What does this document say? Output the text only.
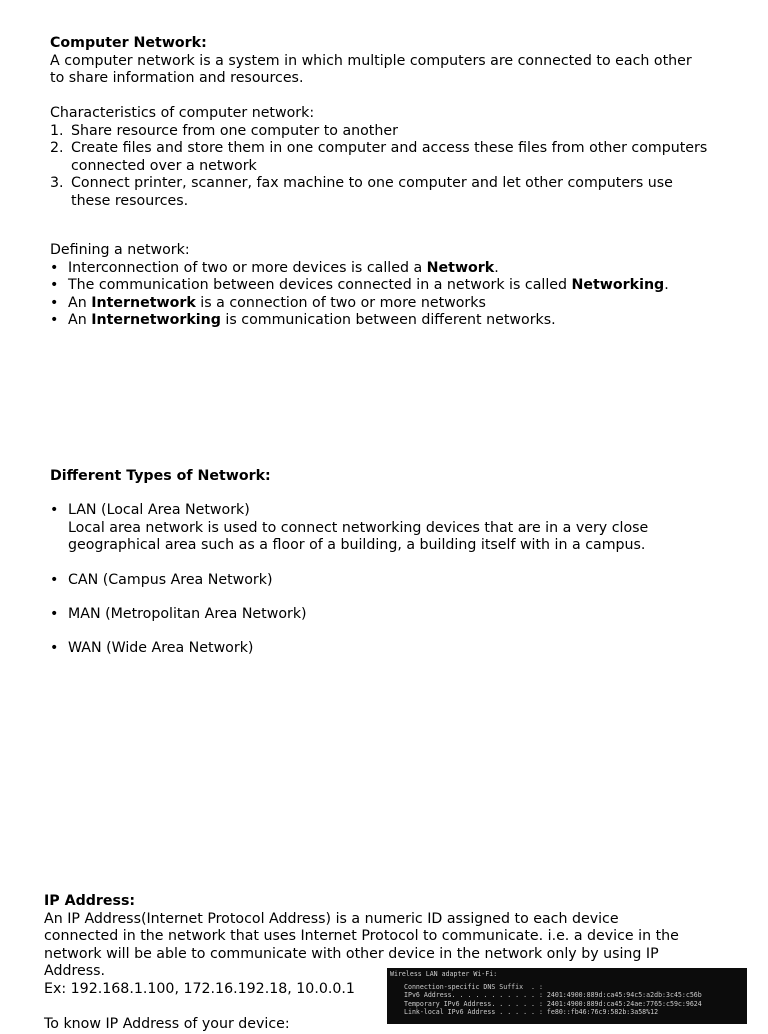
Computer Network:
A computer network is a system in which multiple computers are connected to each other
to share information and resources.
Characteristics of computer network:
1. Share resource from one computer to another
2. Create files and store them in one computer and access these files from other computers
connected over a network
3. Connect printer, scanner, fax machine to one computer and let other computers use
these resources.
Defining a network:
• Interconnection of two or more devices is called a Network.
• The communication between devices connected in a network is called Networking.
• An Internetwork is a connection of two or more networks
• An Internetworking is communication between different networks.
Different Types of Network:
• LAN (Local Area Network)
Local area network is used to connect networking devices that are in a very close
geographical area such as a floor of a building, a building itself with in a campus.
• CAN (Campus Area Network)
• MAN (Metropolitan Area Network)
• WAN (Wide Area Network)
IP Address:
An IP Address(Internet Protocol Address) is a numeric ID assigned to each device
connected in the network that uses Internet Protocol to communicate. i.e. a device in the
network will be able to communicate with other device in the network only by using IP
Address.
Ex: 192.168.1.100, 172.16.192.18, 10.0.0.1
To know IP Address of your device:
Wireless LAN adapter Wi-Fi:
Connection-specific DNS Suffix  . :
IPv6 Address. . . . . . . . . . . : 2401:4900:889d:ca45:94c5:a2db:3c45:c56b
Temporary IPv6 Address. . . . . . : 2401:4900:889d:ca45:24ae:7765:c59c:9624
Link-local IPv6 Address . . . . . : fe80::fb46:76c9:582b:3a58%12
